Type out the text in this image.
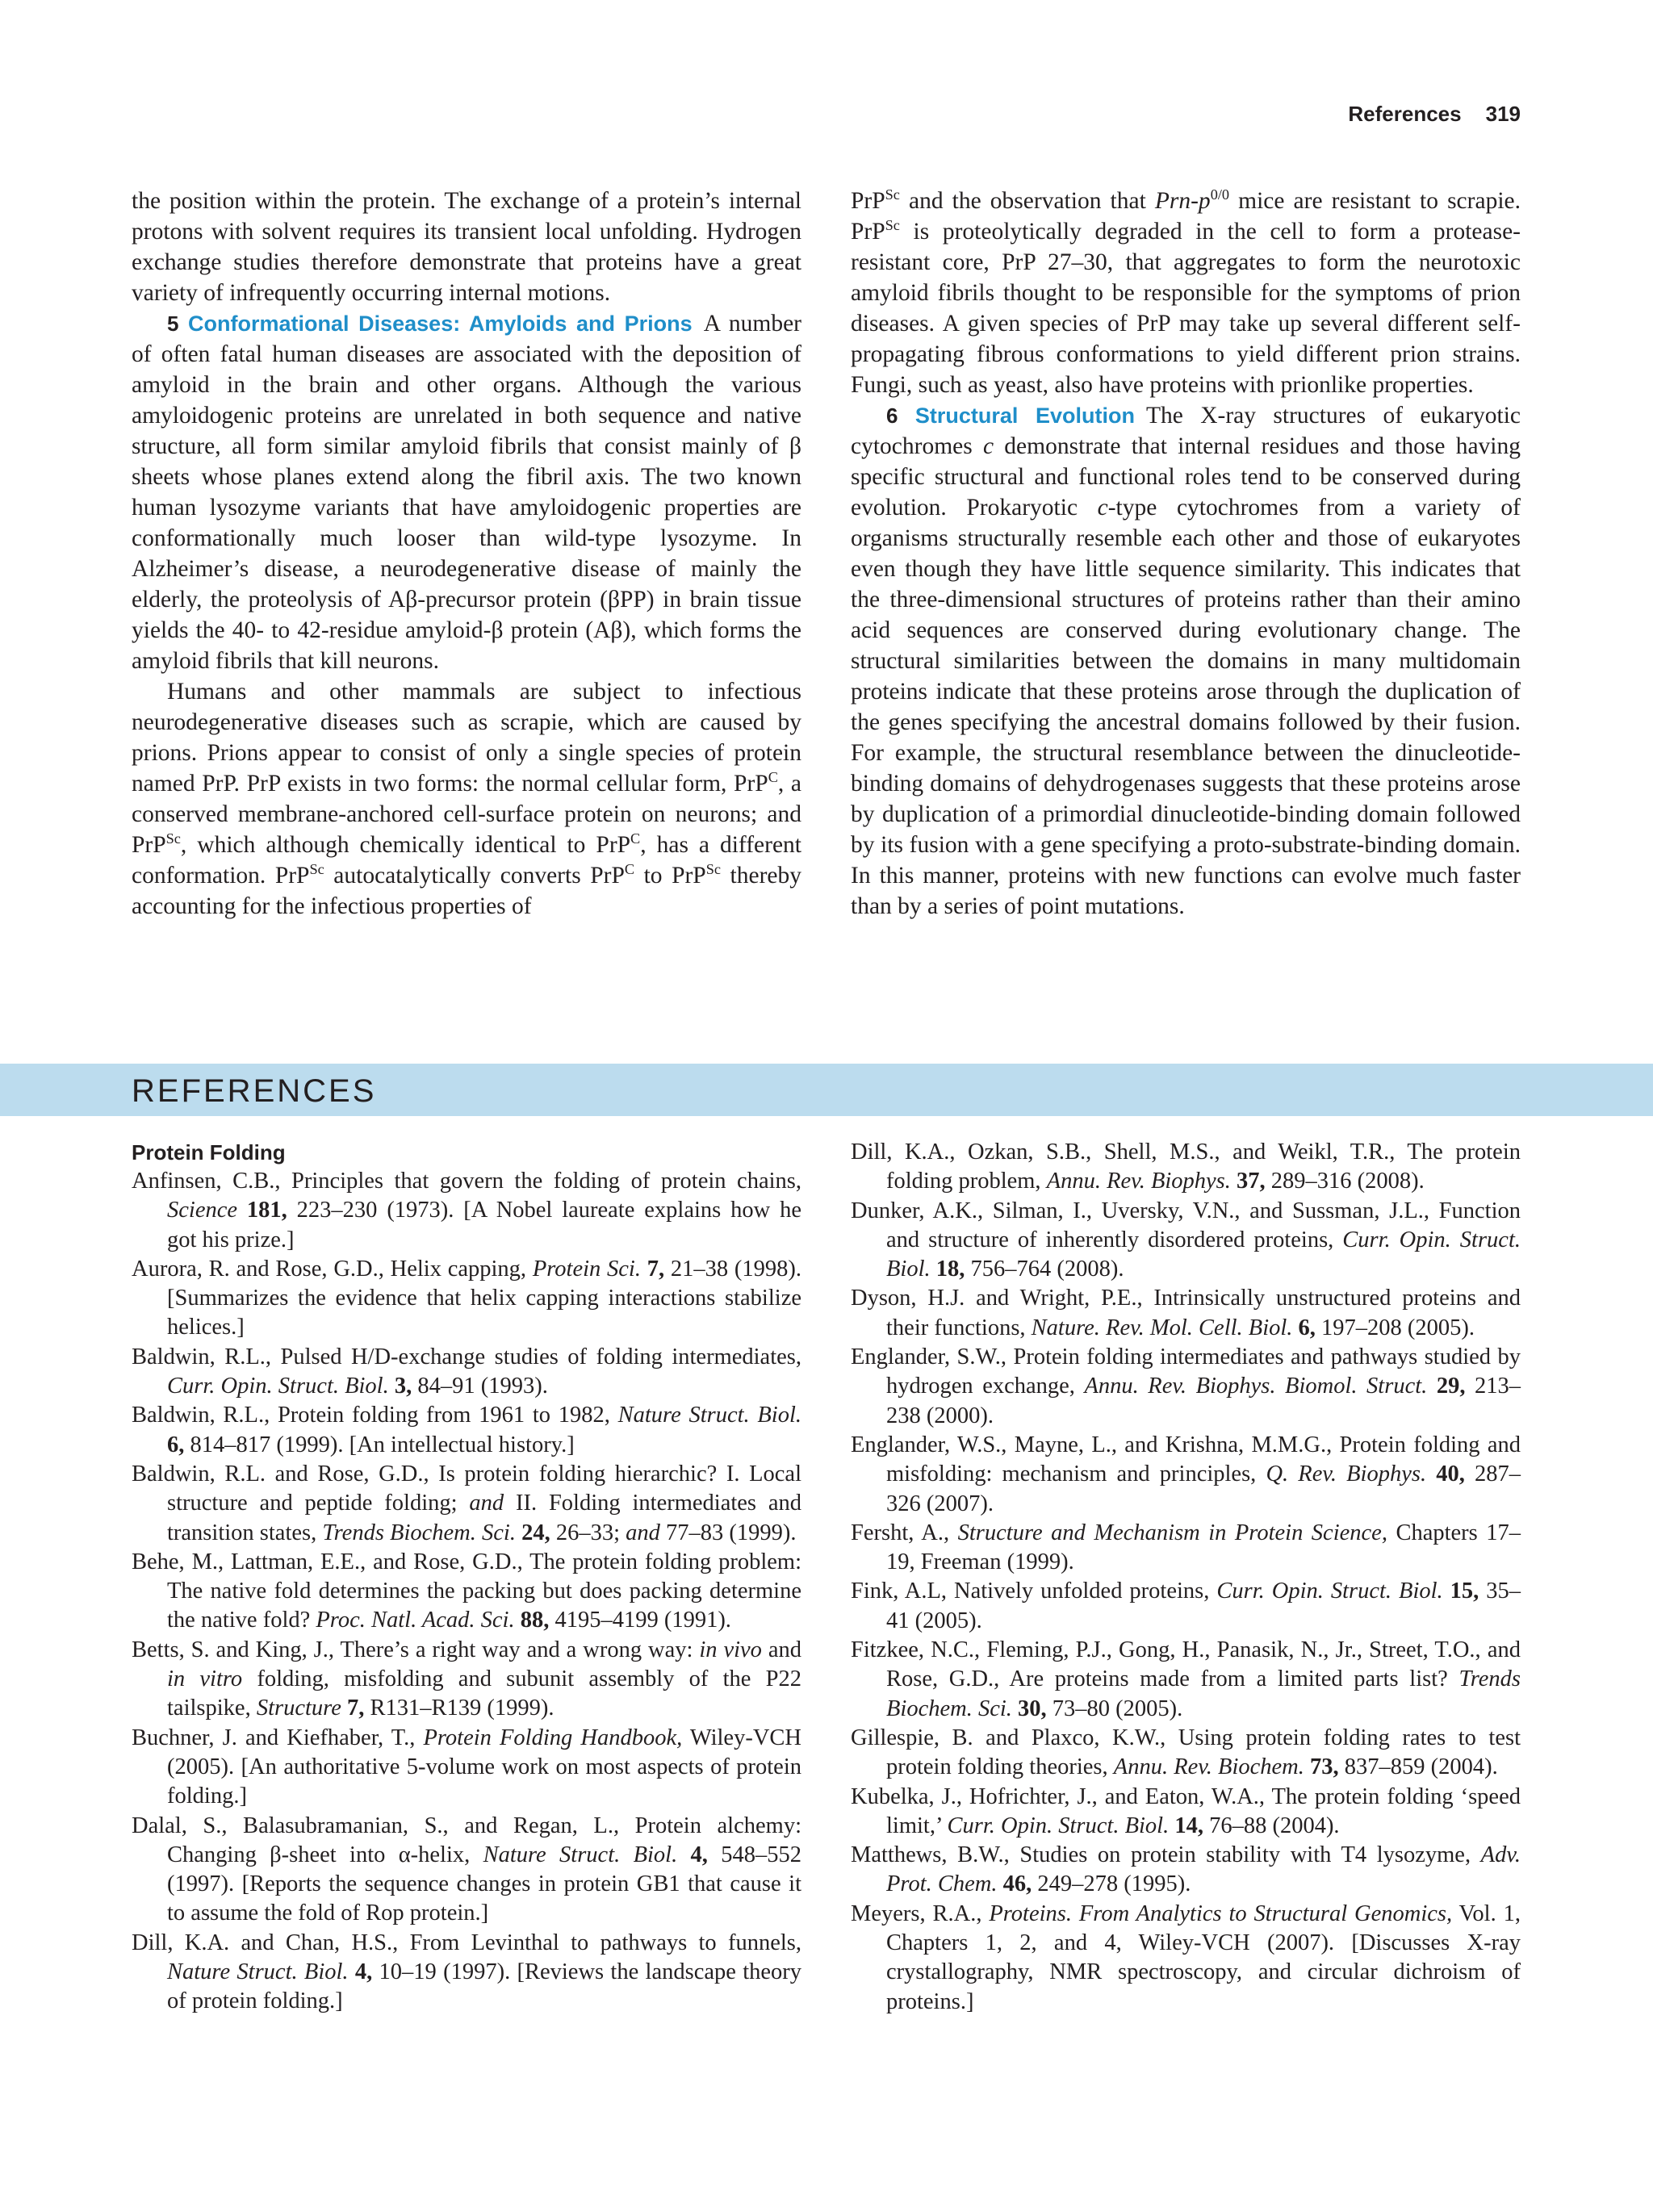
References 319

the position within the protein. The exchange of a protein’s internal protons with solvent requires its transient local unfolding. Hydrogen exchange studies therefore demonstrate that proteins have a great variety of infrequently occurring internal motions.

5 Conformational Diseases: Amyloids and Prions A number of often fatal human diseases are associated with the deposition of amyloid in the brain and other organs. Although the various amyloidogenic proteins are unrelated in both sequence and native structure, all form similar amyloid fibrils that consist mainly of β sheets whose planes extend along the fibril axis. The two known human lysozyme variants that have amyloidogenic properties are conformationally much looser than wild-type lysozyme. In Alzheimer’s disease, a neurodegenerative disease of mainly the elderly, the proteolysis of Aβ-precursor protein (βPP) in brain tissue yields the 40- to 42-residue amyloid-β protein (Aβ), which forms the amyloid fibrils that kill neurons.

Humans and other mammals are subject to infectious neurodegenerative diseases such as scrapie, which are caused by prions. Prions appear to consist of only a single species of protein named PrP. PrP exists in two forms: the normal cellular form, PrP$^C$, a conserved membrane-anchored cell-surface protein on neurons; and PrP$^{Sc}$, which although chemically identical to PrP$^C$, has a different conformation. PrP$^{Sc}$ autocatalytically converts PrP$^C$ to PrP$^{Sc}$ thereby accounting for the infectious properties of

PrP$^{Sc}$ and the observation that Prn-$p^{0/0}$ mice are resistant to scrapie. PrP$^{Sc}$ is proteolytically degraded in the cell to form a protease-resistant core, PrP 27–30, that aggregates to form the neurotoxic amyloid fibrils thought to be responsible for the symptoms of prion diseases. A given species of PrP may take up several different self-propagating fibrous conformations to yield different prion strains. Fungi, such as yeast, also have proteins with prionlike properties.

6 Structural Evolution The X-ray structures of eukaryotic cytochromes c demonstrate that internal residues and those having specific structural and functional roles tend to be conserved during evolution. Prokaryotic c-type cytochromes from a variety of organisms structurally resemble each other and those of eukaryotes even though they have little sequence similarity. This indicates that the three-dimensional structures of proteins rather than their amino acid sequences are conserved during evolutionary change. The structural similarities between the domains in many multidomain proteins indicate that these proteins arose through the duplication of the genes specifying the ancestral domains followed by their fusion. For example, the structural resemblance between the dinucleotide-binding domains of dehydrogenases suggests that these proteins arose by duplication of a primordial dinucleotide-binding domain followed by its fusion with a gene specifying a proto-substrate-binding domain. In this manner, proteins with new functions can evolve much faster than by a series of point mutations.

REFERENCES

Protein Folding

Anfinsen, C.B., Principles that govern the folding of protein chains, Science 181, 223–230 (1973). [A Nobel laureate explains how he got his prize.]

Aurora, R. and Rose, G.D., Helix capping, Protein Sci. 7, 21–38 (1998). [Summarizes the evidence that helix capping interactions stabilize helices.]

Baldwin, R.L., Pulsed H/D-exchange studies of folding intermediates, Curr. Opin. Struct. Biol. 3, 84–91 (1993).

Baldwin, R.L., Protein folding from 1961 to 1982, Nature Struct. Biol. 6, 814–817 (1999). [An intellectual history.]

Baldwin, R.L. and Rose, G.D., Is protein folding hierarchic? I. Local structure and peptide folding; and II. Folding intermediates and transition states, Trends Biochem. Sci. 24, 26–33; and 77–83 (1999).

Behe, M., Lattman, E.E., and Rose, G.D., The protein folding problem: The native fold determines the packing but does packing determine the native fold? Proc. Natl. Acad. Sci. 88, 4195–4199 (1991).

Betts, S. and King, J., There’s a right way and a wrong way: in vivo and in vitro folding, misfolding and subunit assembly of the P22 tailspike, Structure 7, R131–R139 (1999).

Buchner, J. and Kiefhaber, T., Protein Folding Handbook, Wiley-VCH (2005). [An authoritative 5-volume work on most aspects of protein folding.]

Dalal, S., Balasubramanian, S., and Regan, L., Protein alchemy: Changing β-sheet into α-helix, Nature Struct. Biol. 4, 548–552 (1997). [Reports the sequence changes in protein GB1 that cause it to assume the fold of Rop protein.]

Dill, K.A. and Chan, H.S., From Levinthal to pathways to funnels, Nature Struct. Biol. 4, 10–19 (1997). [Reviews the landscape theory of protein folding.]

Dill, K.A., Ozkan, S.B., Shell, M.S., and Weikl, T.R., The protein folding problem, Annu. Rev. Biophys. 37, 289–316 (2008).

Dunker, A.K., Silman, I., Uversky, V.N., and Sussman, J.L., Function and structure of inherently disordered proteins, Curr. Opin. Struct. Biol. 18, 756–764 (2008).

Dyson, H.J. and Wright, P.E., Intrinsically unstructured proteins and their functions, Nature. Rev. Mol. Cell. Biol. 6, 197–208 (2005).

Englander, S.W., Protein folding intermediates and pathways studied by hydrogen exchange, Annu. Rev. Biophys. Biomol. Struct. 29, 213–238 (2000).

Englander, W.S., Mayne, L., and Krishna, M.M.G., Protein folding and misfolding: mechanism and principles, Q. Rev. Biophys. 40, 287–326 (2007).

Fersht, A., Structure and Mechanism in Protein Science, Chapters 17–19, Freeman (1999).

Fink, A.L, Natively unfolded proteins, Curr. Opin. Struct. Biol. 15, 35–41 (2005).

Fitzkee, N.C., Fleming, P.J., Gong, H., Panasik, N., Jr., Street, T.O., and Rose, G.D., Are proteins made from a limited parts list? Trends Biochem. Sci. 30, 73–80 (2005).

Gillespie, B. and Plaxco, K.W., Using protein folding rates to test protein folding theories, Annu. Rev. Biochem. 73, 837–859 (2004).

Kubelka, J., Hofrichter, J., and Eaton, W.A., The protein folding ‘speed limit,’ Curr. Opin. Struct. Biol. 14, 76–88 (2004).

Matthews, B.W., Studies on protein stability with T4 lysozyme, Adv. Prot. Chem. 46, 249–278 (1995).

Meyers, R.A., Proteins. From Analytics to Structural Genomics, Vol. 1, Chapters 1, 2, and 4, Wiley-VCH (2007). [Discusses X-ray crystallography, NMR spectroscopy, and circular dichroism of proteins.]
